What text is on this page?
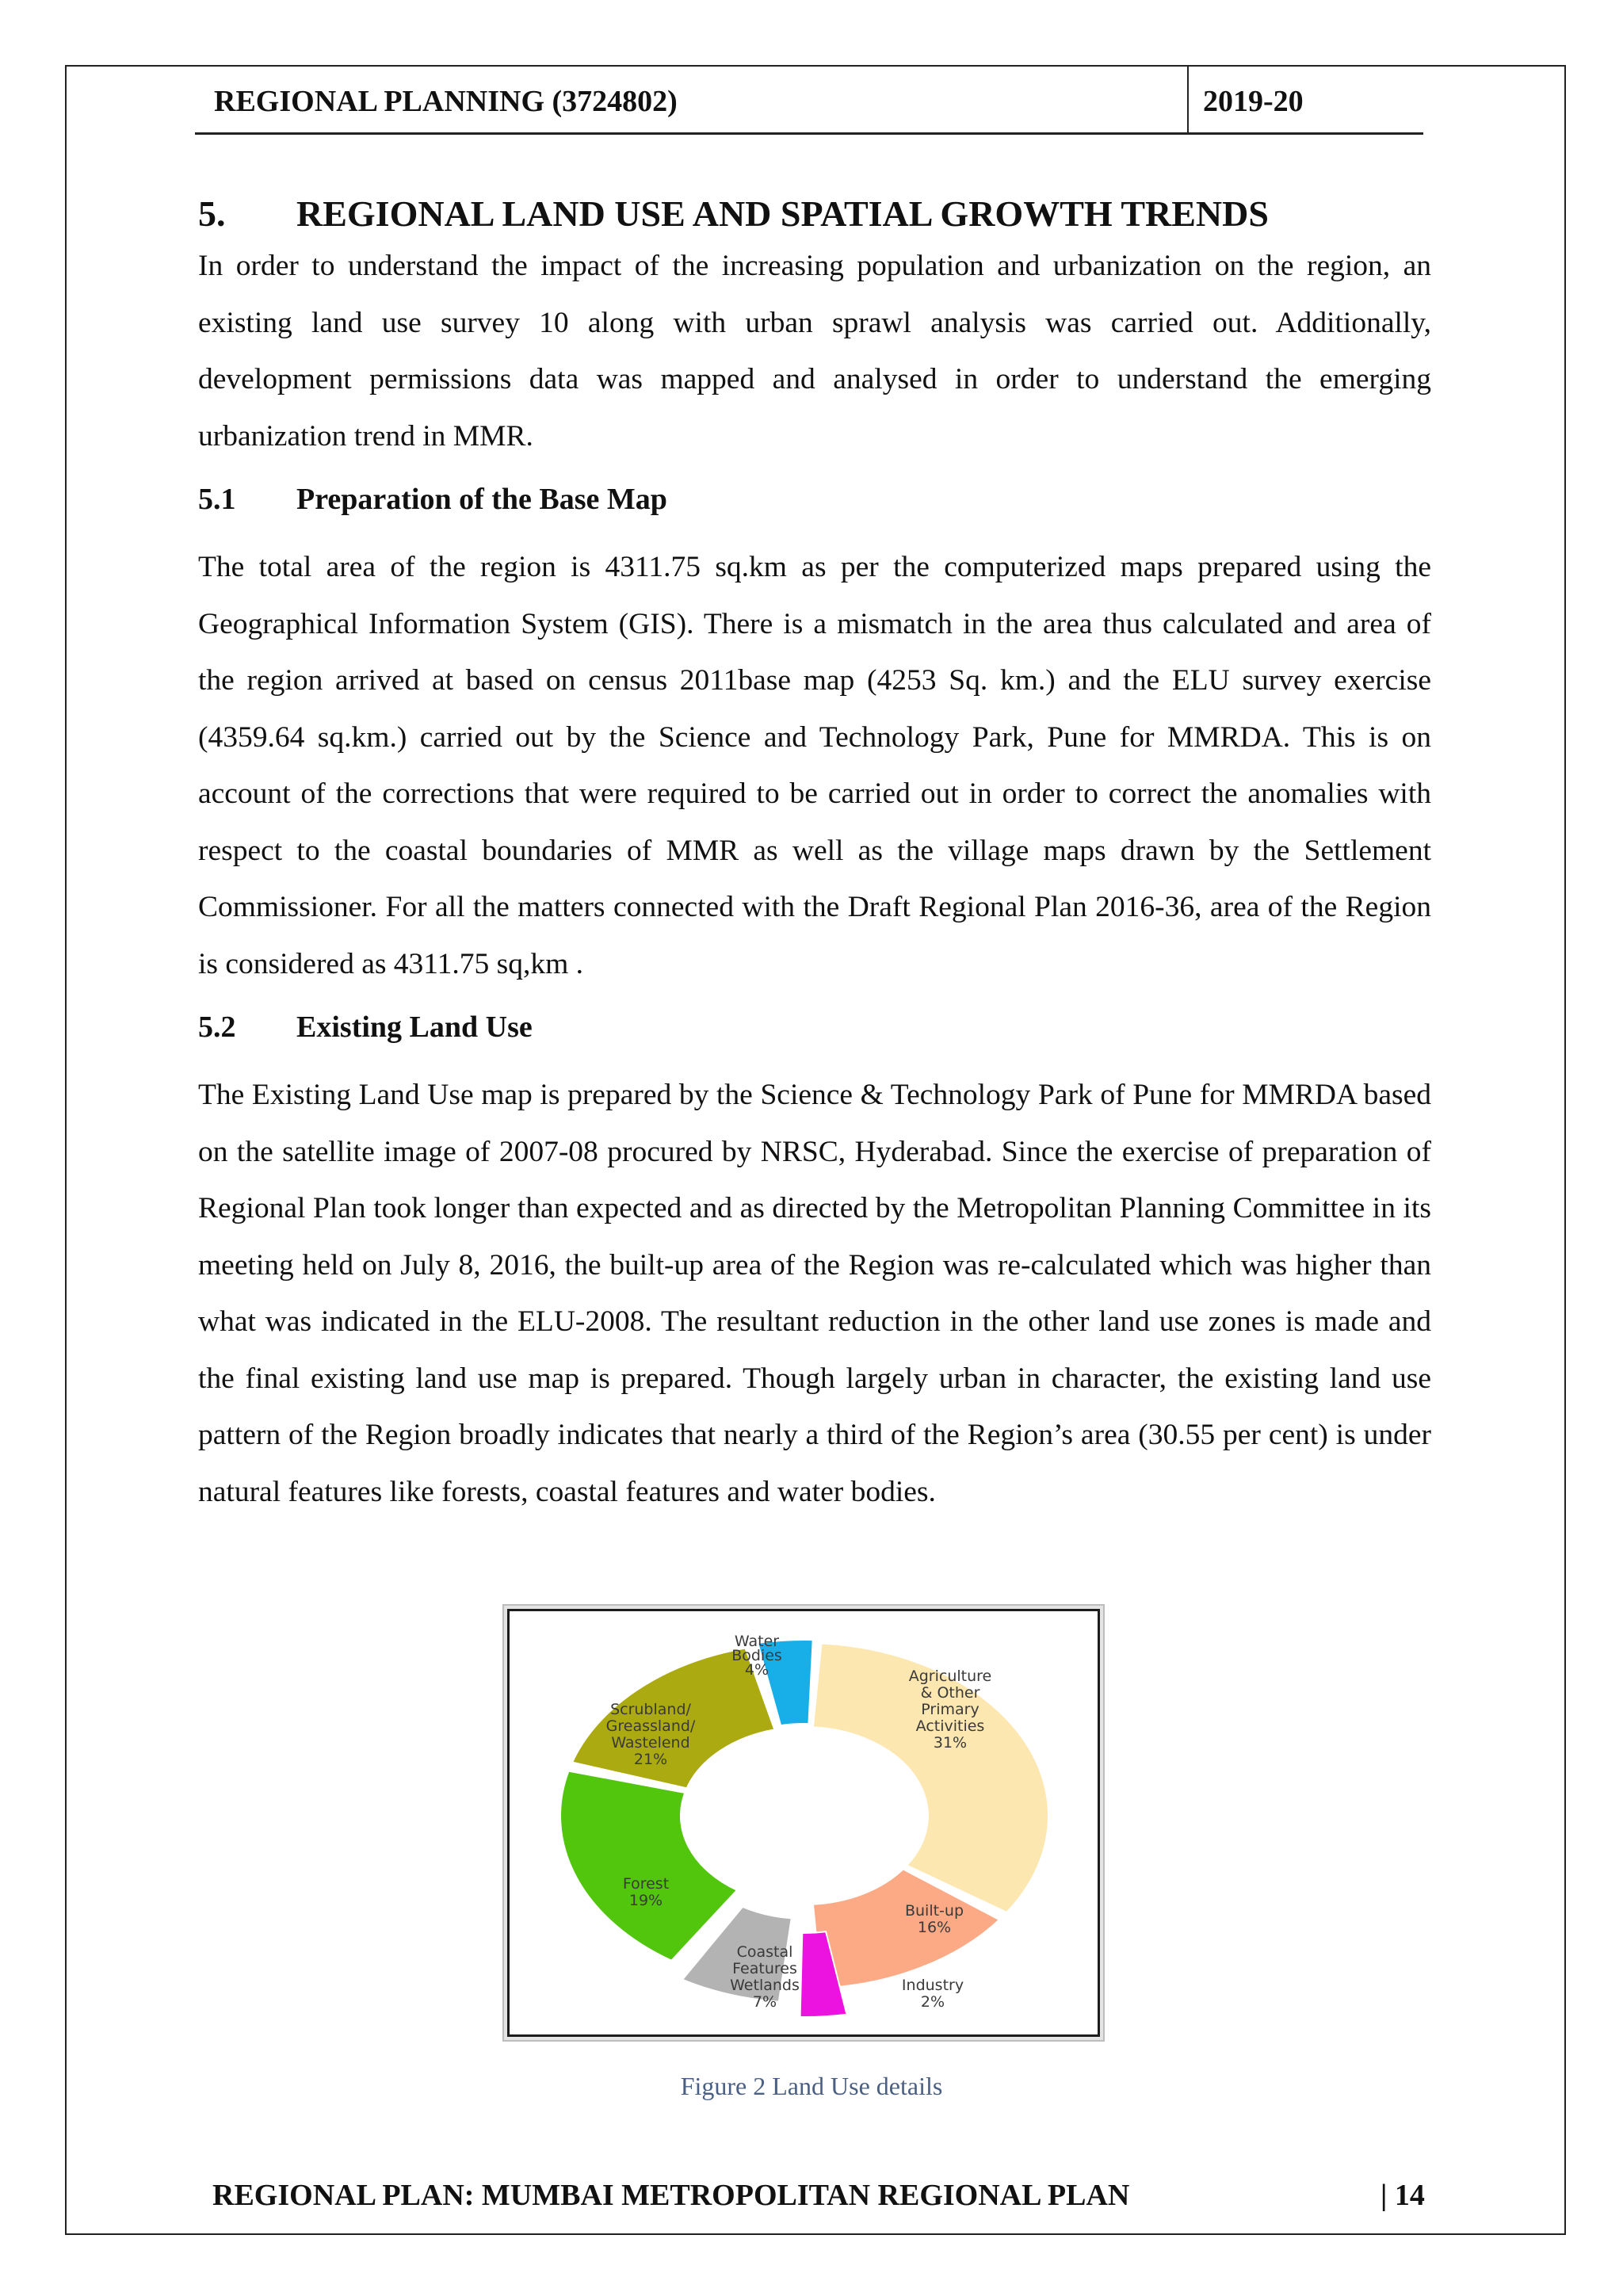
REGIONAL PLANNING (3724802)	2019-20
5.	REGIONAL LAND USE AND SPATIAL GROWTH TRENDS

In order to understand the impact of the increasing population and urbanization on the region, an existing land use survey 10 along with urban sprawl analysis was carried out. Additionally, development permissions data was mapped and analysed in order to understand the emerging urbanization trend in MMR.

5.1	Preparation of the Base Map

The total area of the region is 4311.75 sq.km as per the computerized maps prepared using the Geographical Information System (GIS). There is a mismatch in the area thus calculated and area of the region arrived at based on census 2011base map (4253 Sq. km.) and the ELU survey exercise (4359.64 sq.km.) carried out by the Science and Technology Park, Pune for MMRDA. This is on account of the corrections that were required to be carried out in order to correct the anomalies with respect to the coastal boundaries of MMR as well as the village maps drawn by the Settlement Commissioner. For all the matters connected with the Draft Regional Plan 2016-36, area of the Region is considered as 4311.75 sq,km .

5.2	Existing Land Use

The Existing Land Use map is prepared by the Science & Technology Park of Pune for MMRDA based on the satellite image of 2007-08 procured by NRSC, Hyderabad. Since the exercise of preparation of Regional Plan took longer than expected and as directed by the Metropolitan Planning Committee in its meeting held on July 8, 2016, the built-up area of the Region was re-calculated which was higher than what was indicated in the ELU-2008. The resultant reduction in the other land use zones is made and the final existing land use map is prepared. Though largely urban in character, the existing land use pattern of the Region broadly indicates that nearly a third of the Region’s area (30.55 per cent) is under natural features like forests, coastal features and water bodies.

Agriculture & Other Primary Activities 31%
Built-up 16%
Industry 2%
Coastal Features Wetlands 7%
Forest 19%
Scrubland/ Greassland/ Wastelend 21%
Water Bodies 4%
Figure 2 Land Use details
REGIONAL PLAN: MUMBAI METROPOLITAN REGIONAL PLAN	| 14
